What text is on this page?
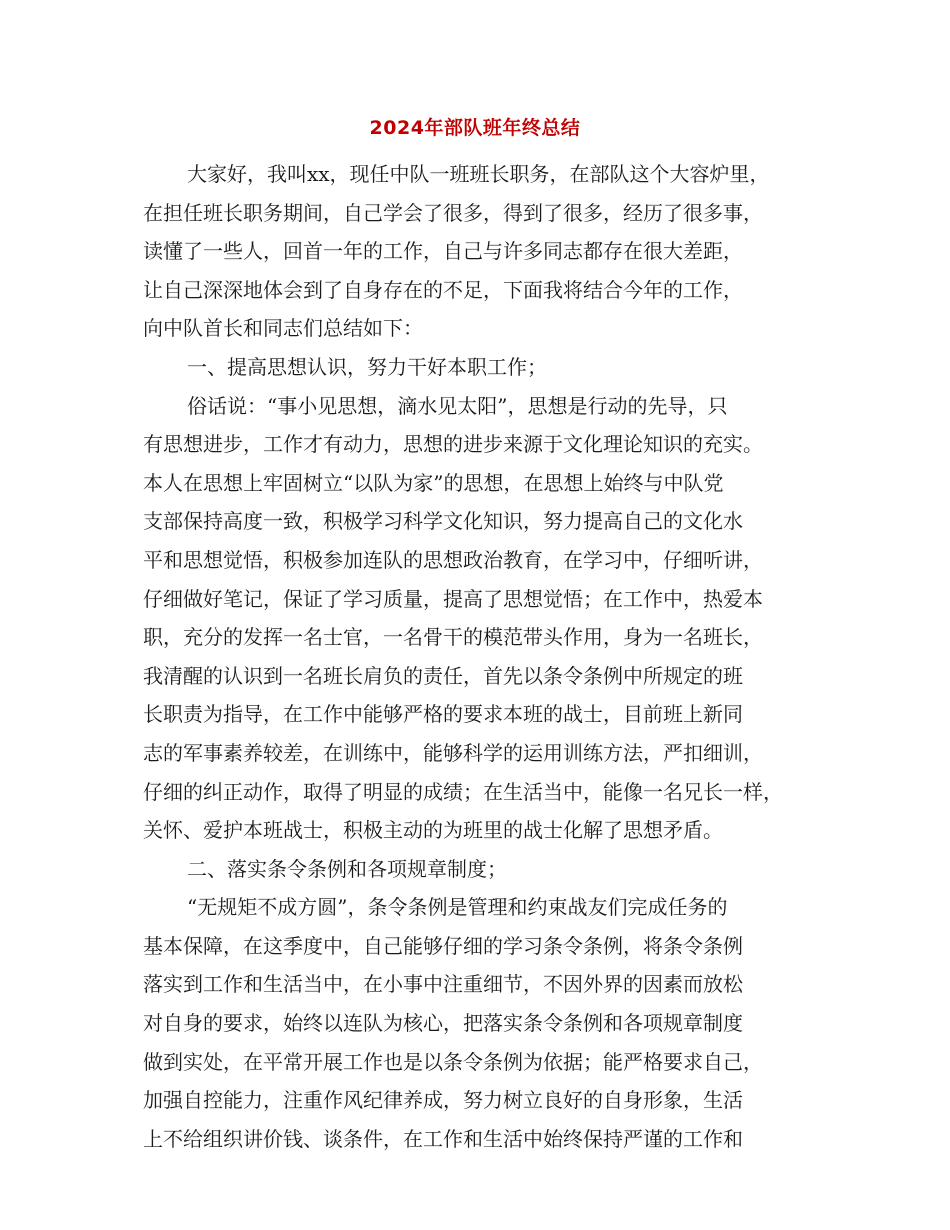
2024年部队班年终总结
大家好，我叫xx，现任中队一班班长职务，在部队这个大容炉里，
在担任班长职务期间，自己学会了很多，得到了很多，经历了很多事，
读懂了一些人，回首一年的工作，自己与许多同志都存在很大差距，
让自己深深地体会到了自身存在的不足，下面我将结合今年的工作，
向中队首长和同志们总结如下：
一、提高思想认识，努力干好本职工作；
俗话说：“事小见思想，滴水见太阳”，思想是行动的先导，只
有思想进步，工作才有动力，思想的进步来源于文化理论知识的充实。
本人在思想上牢固树立“以队为家”的思想，在思想上始终与中队党
支部保持高度一致，积极学习科学文化知识，努力提高自己的文化水
平和思想觉悟，积极参加连队的思想政治教育，在学习中，仔细听讲，
仔细做好笔记，保证了学习质量，提高了思想觉悟；在工作中，热爱本
职，充分的发挥一名士官，一名骨干的模范带头作用，身为一名班长，
我清醒的认识到一名班长肩负的责任，首先以条令条例中所规定的班
长职责为指导，在工作中能够严格的要求本班的战士，目前班上新同
志的军事素养较差，在训练中，能够科学的运用训练方法，严扣细训，
仔细的纠正动作，取得了明显的成绩；在生活当中，能像一名兄长一样，
关怀、爱护本班战士，积极主动的为班里的战士化解了思想矛盾。
二、落实条令条例和各项规章制度；
“无规矩不成方圆”，条令条例是管理和约束战友们完成任务的
基本保障，在这季度中，自己能够仔细的学习条令条例，将条令条例
落实到工作和生活当中，在小事中注重细节，不因外界的因素而放松
对自身的要求，始终以连队为核心，把落实条令条例和各项规章制度
做到实处，在平常开展工作也是以条令条例为依据；能严格要求自己，
加强自控能力，注重作风纪律养成，努力树立良好的自身形象，生活
上不给组织讲价钱、谈条件，在工作和生活中始终保持严谨的工作和
